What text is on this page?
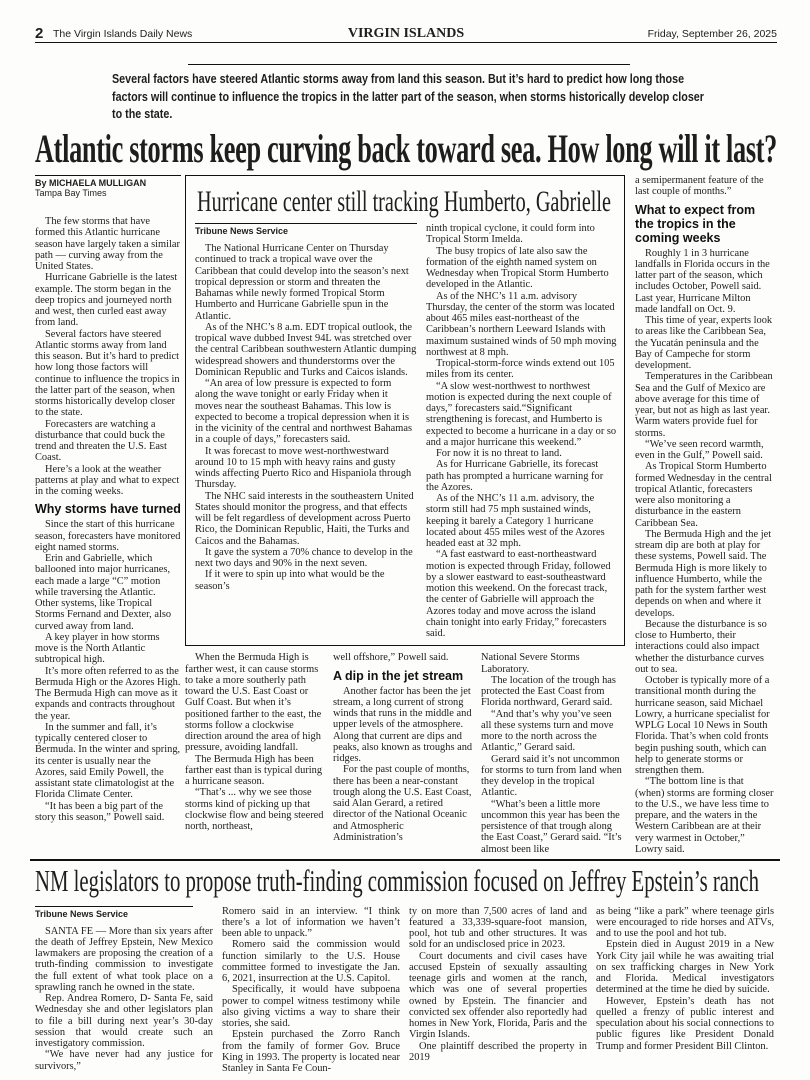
2 The Virgin Islands Daily News	VIRGIN ISLANDS	Friday, September 26, 2025
Several factors have steered Atlantic storms away from land this season. But it’s hard to predict how long those factors will continue to influence the tropics in the latter part of the season, when storms historically develop closer to the state.
Atlantic storms keep curving back toward sea. How long will it last?
By MICHAELA MULLIGAN
Tampa Bay Times

The few storms that have formed this Atlantic hurricane season have largely taken a similar path — curving away from the United States.

Hurricane Gabrielle is the latest example. The storm began in the deep tropics and journeyed north and west, then curled east away from land.

Several factors have steered Atlantic storms away from land this season. But it’s hard to predict how long those factors will continue to influence the tropics in the latter part of the season, when storms historically develop closer to the state.

Forecasters are watching a disturbance that could buck the trend and threaten the U.S. East Coast.

Here’s a look at the weather patterns at play and what to expect in the coming weeks.

Why storms have turned

Since the start of this hurricane season, forecasters have monitored eight named storms.

Erin and Gabrielle, which ballooned into major hurricanes, each made a large “C” motion while traversing the Atlantic. Other systems, like Tropical Storms Fernand and Dexter, also curved away from land.

A key player in how storms move is the North Atlantic subtropical high.

It’s more often referred to as the Bermuda High or the Azores High. The Bermuda High can move as it expands and contracts throughout the year.

In the summer and fall, it’s typically centered closer to Bermuda. In the winter and spring, its center is usually near the Azores, said Emily Powell, the assistant state climatologist at the Florida Climate Center.

“It has been a big part of the story this season,” Powell said.

Hurricane center still tracking Humberto, Gabrielle
Tribune News Service

The National Hurricane Center on Thursday continued to track a tropical wave over the Caribbean that could develop into the season’s next tropical depression or storm and threaten the Bahamas while newly formed Tropical Storm Humberto and Hurricane Gabrielle spun in the Atlantic.

As of the NHC’s 8 a.m. EDT tropical outlook, the tropical wave dubbed Invest 94L was stretched over the central Caribbean southwestern Atlantic dumping widespread showers and thunderstorms over the Dominican Republic and Turks and Caicos islands.

“An area of low pressure is expected to form along the wave tonight or early Friday when it moves near the southeast Bahamas. This low is expected to become a tropical depression when it is in the vicinity of the central and northwest Bahamas in a couple of days,” forecasters said.

It was forecast to move west-northwestward around 10 to 15 mph with heavy rains and gusty winds affecting Puerto Rico and Hispaniola through Thursday.

The NHC said interests in the southeastern United States should monitor the progress, and that effects will be felt regardless of development across Puerto Rico, the Dominican Republic, Haiti, the Turks and Caicos and the Bahamas.

It gave the system a 70% chance to develop in the next two days and 90% in the next seven.

If it were to spin up into what would be the season’s

ninth tropical cyclone, it could form into Tropical Storm Imelda.

The busy tropics of late also saw the formation of the eighth named system on Wednesday when Tropical Storm Humberto developed in the Atlantic.

As of the NHC’s 11 a.m. advisory Thursday, the center of the storm was located about 465 miles east-northeast of the Caribbean’s northern Leeward Islands with maximum sustained winds of 50 mph moving northwest at 8 mph.

Tropical-storm-force winds extend out 105 miles from its center.

“A slow west-northwest to northwest motion is expected during the next couple of days,” forecasters said.“Significant strengthening is forecast, and Humberto is expected to become a hurricane in a day or so and a major hurricane this weekend.”

For now it is no threat to land.

As for Hurricane Gabrielle, its forecast path has prompted a hurricane warning for the Azores.

As of the NHC’s 11 a.m. advisory, the storm still had 75 mph sustained winds, keeping it barely a Category 1 hurricane located about 455 miles west of the Azores headed east at 32 mph.

“A fast eastward to east-northeastward motion is expected through Friday, followed by a slower eastward to east-southeastward motion this weekend. On the forecast track, the center of Gabrielle will approach the Azores today and move across the island chain tonight into early Friday,” forecasters said.

When the Bermuda High is farther west, it can cause storms to take a more southerly path toward the U.S. East Coast or Gulf Coast. But when it’s positioned farther to the east, the storms follow a clockwise direction around the area of high pressure, avoiding landfall.

The Bermuda High has been farther east than is typical during a hurricane season.

“That’s ... why we see those storms kind of picking up that clockwise flow and being steered north, northeast,

well offshore,” Powell said.

A dip in the jet stream

Another factor has been the jet stream, a long current of strong winds that runs in the middle and upper levels of the atmosphere. Along that current are dips and peaks, also known as troughs and ridges.

For the past couple of months, there has been a near-constant trough along the U.S. East Coast, said Alan Gerard, a retired director of the National Oceanic and Atmospheric Administration’s

National Severe Storms Laboratory.

The location of the trough has protected the East Coast from Florida northward, Gerard said.

“And that’s why you’ve seen all these systems turn and move more to the north across the Atlantic,” Gerard said.

Gerard said it’s not uncommon for storms to turn from land when they develop in the tropical Atlantic.

“What’s been a little more uncommon this year has been the persistence of that trough along the East Coast,” Gerard said. “It’s almost been like

a semipermanent feature of the last couple of months.”

What to expect from the tropics in the coming weeks

Roughly 1 in 3 hurricane landfalls in Florida occurs in the latter part of the season, which includes October, Powell said. Last year, Hurricane Milton made landfall on Oct. 9.

This time of year, experts look to areas like the Caribbean Sea, the Yucatán peninsula and the Bay of Campeche for storm development.

Temperatures in the Caribbean Sea and the Gulf of Mexico are above average for this time of year, but not as high as last year. Warm waters provide fuel for storms.

“We’ve seen record warmth, even in the Gulf,” Powell said.

As Tropical Storm Humberto formed Wednesday in the central tropical Atlantic, forecasters were also monitoring a disturbance in the eastern Caribbean Sea.

The Bermuda High and the jet stream dip are both at play for these systems, Powell said. The Bermuda High is more likely to influence Humberto, while the path for the system farther west depends on when and where it develops.

Because the disturbance is so close to Humberto, their interactions could also impact whether the disturbance curves out to sea.

October is typically more of a transitional month during the hurricane season, said Michael Lowry, a hurricane specialist for WPLG Local 10 News in South Florida. That’s when cold fronts begin pushing south, which can help to generate storms or strengthen them.

“The bottom line is that (when) storms are forming closer to the U.S., we have less time to prepare, and the waters in the Western Caribbean are at their very warmest in October,” Lowry said.

NM legislators to propose truth-finding commission focused on Jeffrey Epstein’s ranch
Tribune News Service

SANTA FE — More than six years after the death of Jeffrey Epstein, New Mexico lawmakers are proposing the creation of a truth-finding commission to investigate the full extent of what took place on a sprawling ranch he owned in the state.

Rep. Andrea Romero, D- Santa Fe, said Wednesday she and other legislators plan to file a bill during next year’s 30-day session that would create such an investigatory commission.

“We have never had any justice for survivors,”

Romero said in an interview. “I think there’s a lot of information we haven’t been able to unpack.”

Romero said the commission would function similarly to the U.S. House committee formed to investigate the Jan. 6, 2021, insurrection at the U.S. Capitol.

Specifically, it would have subpoena power to compel witness testimony while also giving victims a way to share their stories, she said.

Epstein purchased the Zorro Ranch from the family of former Gov. Bruce King in 1993. The property is located near Stanley in Santa Fe Coun-

ty on more than 7,500 acres of land and featured a 33,339-square-foot mansion, pool, hot tub and other structures. It was sold for an undisclosed price in 2023.

Court documents and civil cases have accused Epstein of sexually assaulting teenage girls and women at the ranch, which was one of several properties owned by Epstein. The financier and convicted sex offender also reportedly had homes in New York, Florida, Paris and the Virgin Islands.

One plaintiff described the property in 2019

as being “like a park” where teenage girls were encouraged to ride horses and ATVs, and to use the pool and hot tub.

Epstein died in August 2019 in a New York City jail while he was awaiting trial on sex trafficking charges in New York and Florida. Medical investigators determined at the time he died by suicide.

However, Epstein’s death has not quelled a frenzy of public interest and speculation about his social connections to public figures like President Donald Trump and former President Bill Clinton.
